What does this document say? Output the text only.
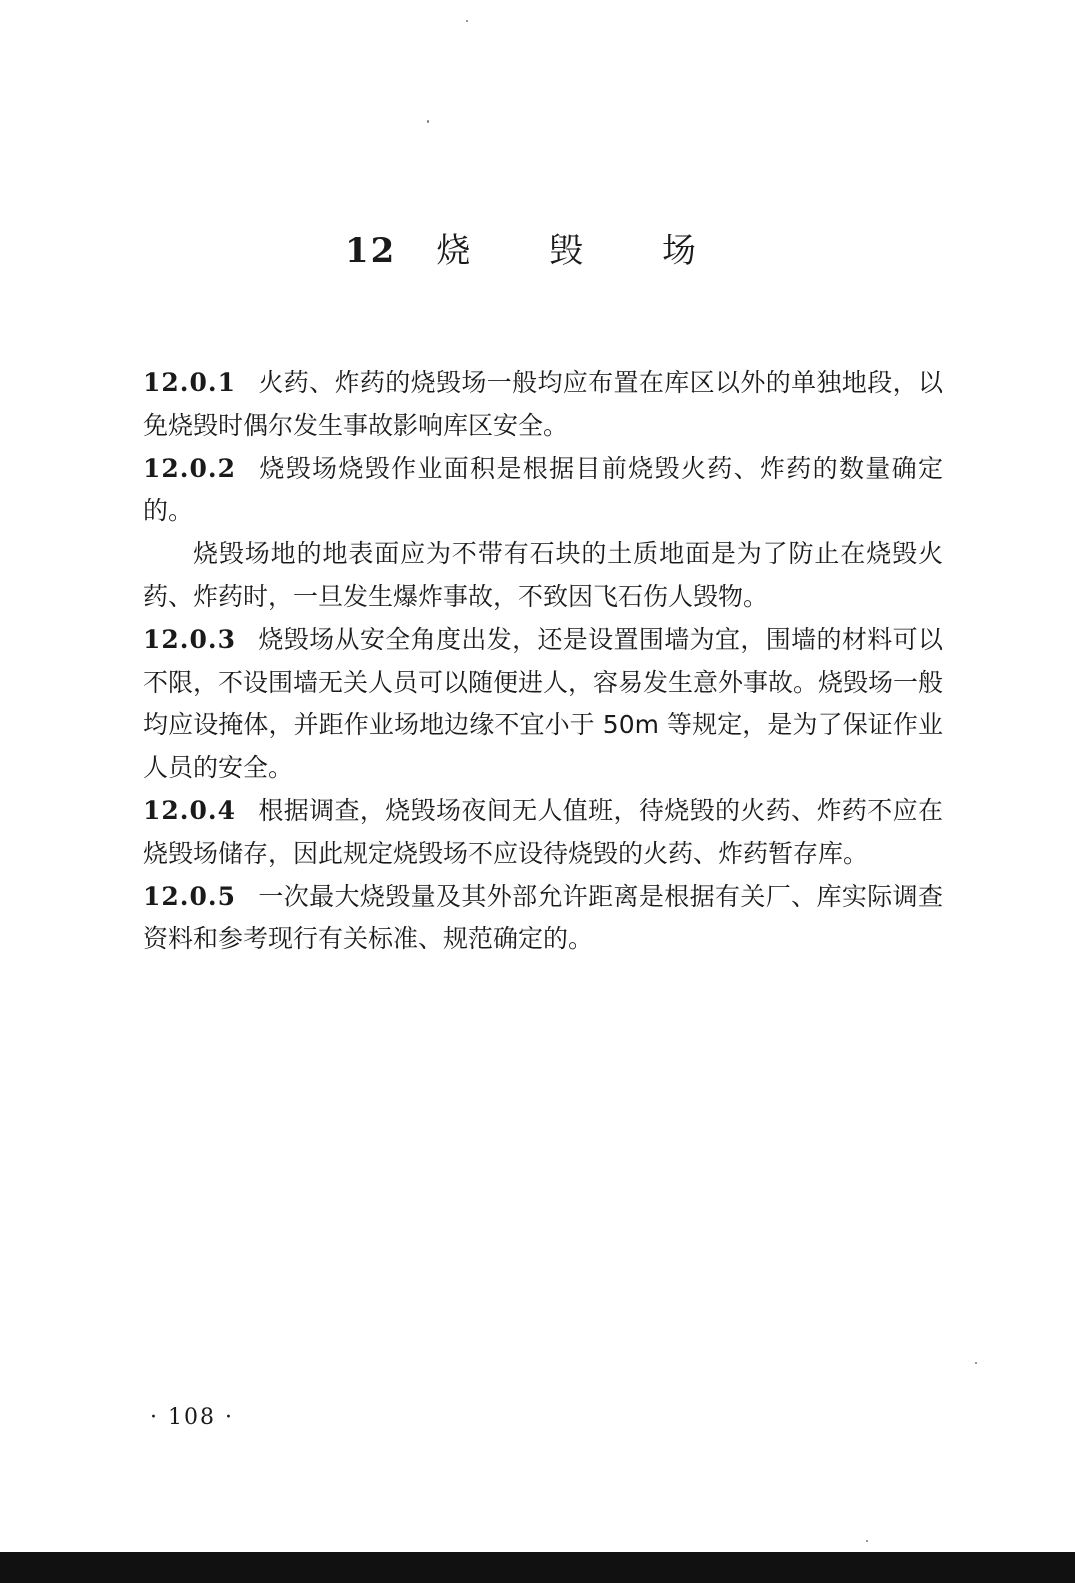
12 烧 毁 场

12.0.1 火药、炸药的烧毁场一般均应布置在库区以外的单独地段，以免烧毁时偶尔发生事故影响库区安全。

12.0.2 烧毁场烧毁作业面积是根据目前烧毁火药、炸药的数量确定的。

烧毁场地的地表面应为不带有石块的土质地面是为了防止在烧毁火药、炸药时，一旦发生爆炸事故，不致因飞石伤人毁物。

12.0.3 烧毁场从安全角度出发，还是设置围墙为宜，围墙的材料可以不限，不设围墙无关人员可以随便进人，容易发生意外事故。烧毁场一般均应设掩体，并距作业场地边缘不宜小于 50m 等规定，是为了保证作业人员的安全。

12.0.4 根据调查，烧毁场夜间无人值班，待烧毁的火药、炸药不应在烧毁场储存，因此规定烧毁场不应设待烧毁的火药、炸药暂存库。

12.0.5 一次最大烧毁量及其外部允许距离是根据有关厂、库实际调查资料和参考现行有关标准、规范确定的。

· 108 ·
